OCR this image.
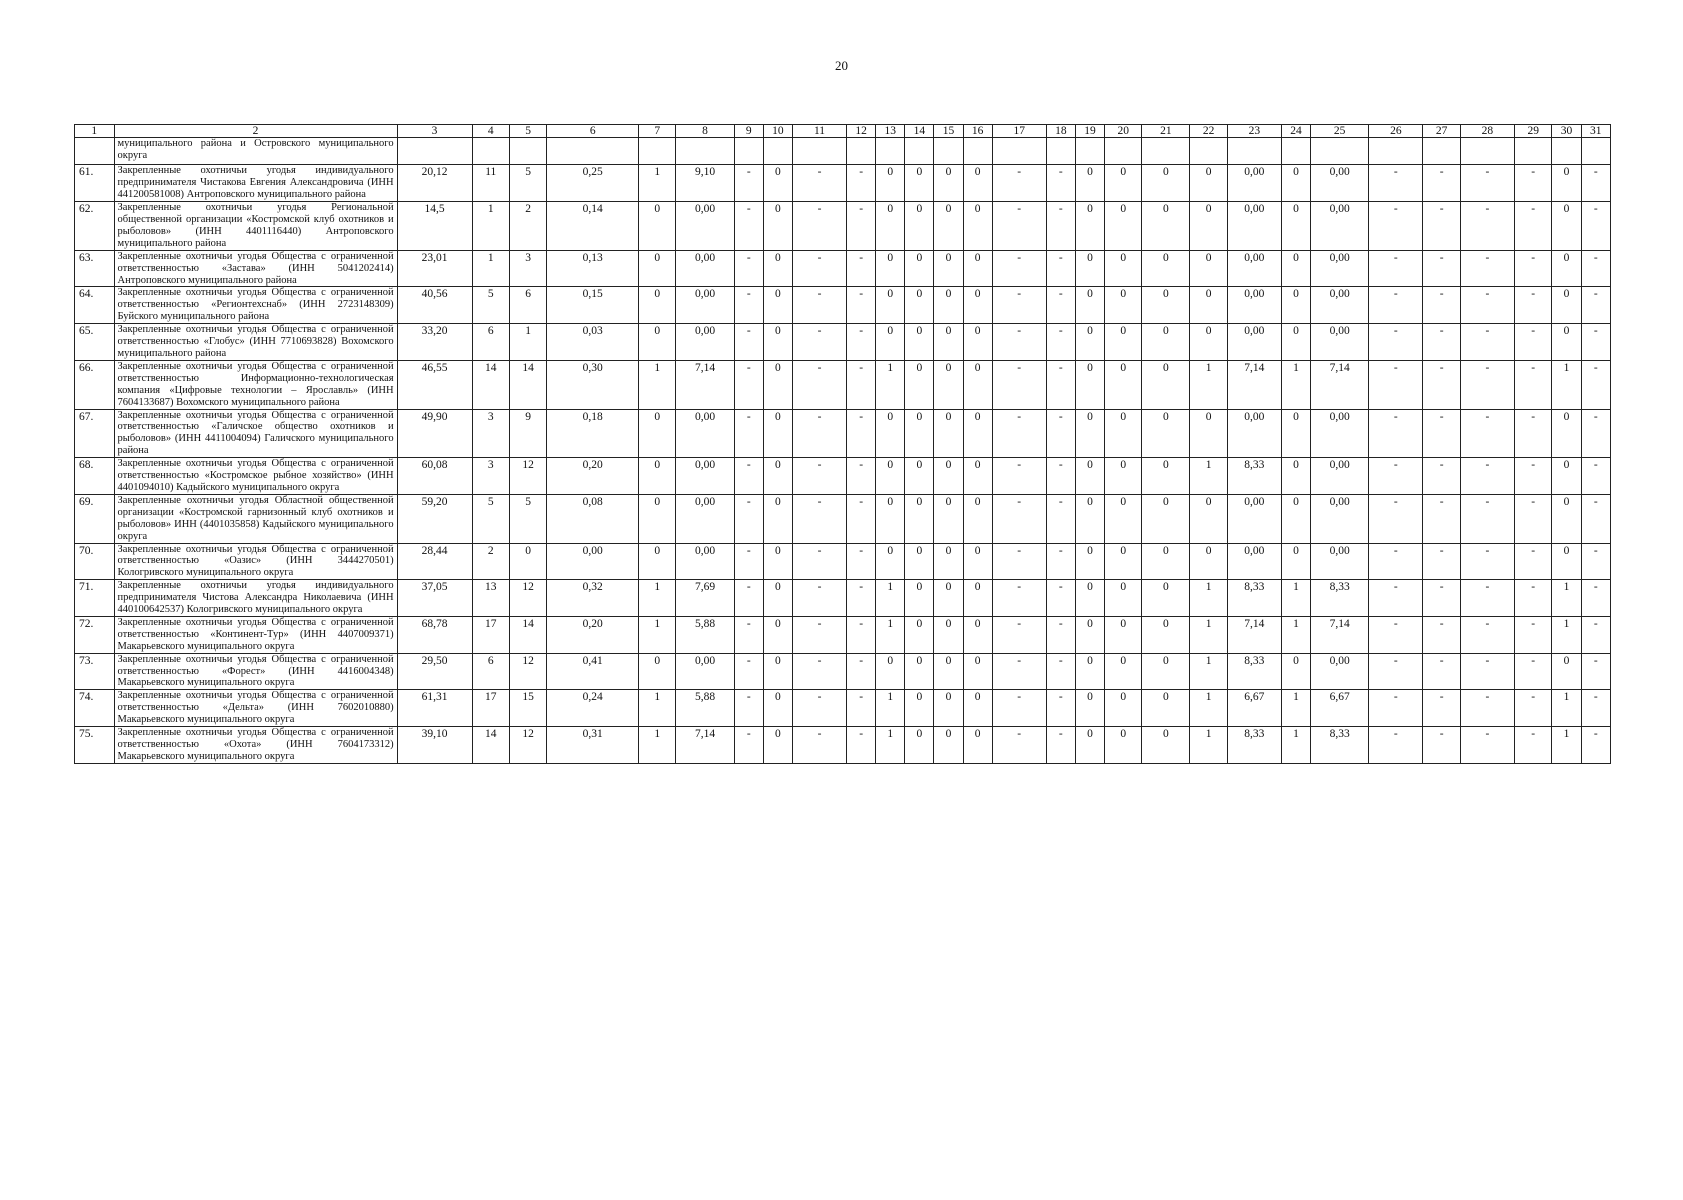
20
1	2	3	4	5	6	7	8	9	10	11	12	13	14	15	16	17	18	19	20	21	22	23	24	25	26	27	28	29	30	31
	муниципального района и Островского муниципального округа																													
61.	Закрепленные охотничьи угодья индивидуального предпринимателя Чистакова Евгения Александровича (ИНН 441200581008) Антроповского муниципального района	20,12	11	5	0,25	1	9,10	-	0	-	-	0	0	0	0	-	-	0	0	0	0	0,00	0	0,00	-	-	-	-	0	-
62.	Закрепленные охотничьи угодья Региональной общественной организации «Костромской клуб охотников и рыболовов» (ИНН 4401116440) Антроповского муниципального района	14,5	1	2	0,14	0	0,00	-	0	-	-	0	0	0	0	-	-	0	0	0	0	0,00	0	0,00	-	-	-	-	0	-
63.	Закрепленные охотничьи угодья Общества с ограниченной ответственностью «Застава» (ИНН 5041202414) Антроповского муниципального района	23,01	1	3	0,13	0	0,00	-	0	-	-	0	0	0	0	-	-	0	0	0	0	0,00	0	0,00	-	-	-	-	0	-
64.	Закрепленные охотничьи угодья Общества с ограниченной ответственностью «Регионтехснаб» (ИНН 2723148309) Буйского муниципального района	40,56	5	6	0,15	0	0,00	-	0	-	-	0	0	0	0	-	-	0	0	0	0	0,00	0	0,00	-	-	-	-	0	-
65.	Закрепленные охотничьи угодья Общества с ограниченной ответственностью «Глобус» (ИНН 7710693828) Вохомского муниципального района	33,20	6	1	0,03	0	0,00	-	0	-	-	0	0	0	0	-	-	0	0	0	0	0,00	0	0,00	-	-	-	-	0	-
66.	Закрепленные охотничьи угодья Общества с ограниченной ответственностью Информационно-технологическая компания «Цифровые технологии – Ярославль» (ИНН 7604133687) Вохомского муниципального района	46,55	14	14	0,30	1	7,14	-	0	-	-	1	0	0	0	-	-	0	0	0	1	7,14	1	7,14	-	-	-	-	1	-
67.	Закрепленные охотничьи угодья Общества с ограниченной ответственностью «Галичское общество охотников и рыболовов» (ИНН 4411004094) Галичского муниципального района	49,90	3	9	0,18	0	0,00	-	0	-	-	0	0	0	0	-	-	0	0	0	0	0,00	0	0,00	-	-	-	-	0	-
68.	Закрепленные охотничьи угодья Общества с ограниченной ответственностью «Костромское рыбное хозяйство» (ИНН 4401094010) Кадыйского муниципального округа	60,08	3	12	0,20	0	0,00	-	0	-	-	0	0	0	0	-	-	0	0	0	1	8,33	0	0,00	-	-	-	-	0	-
69.	Закрепленные охотничьи угодья Областной общественной организации «Костромской гарнизонный клуб охотников и рыболовов» ИНН (4401035858) Кадыйского муниципального округа	59,20	5	5	0,08	0	0,00	-	0	-	-	0	0	0	0	-	-	0	0	0	0	0,00	0	0,00	-	-	-	-	0	-
70.	Закрепленные охотничьи угодья Общества с ограниченной ответственностью «Оазис» (ИНН 3444270501) Кологривского муниципального округа	28,44	2	0	0,00	0	0,00	-	0	-	-	0	0	0	0	-	-	0	0	0	0	0,00	0	0,00	-	-	-	-	0	-
71.	Закрепленные охотничьи угодья индивидуального предпринимателя Чистова Александра Николаевича (ИНН 440100642537) Кологривского муниципального округа	37,05	13	12	0,32	1	7,69	-	0	-	-	1	0	0	0	-	-	0	0	0	1	8,33	1	8,33	-	-	-	-	1	-
72.	Закрепленные охотничьи угодья Общества с ограниченной ответственностью «Континент-Тур» (ИНН 4407009371) Макарьевского муниципального округа	68,78	17	14	0,20	1	5,88	-	0	-	-	1	0	0	0	-	-	0	0	0	1	7,14	1	7,14	-	-	-	-	1	-
73.	Закрепленные охотничьи угодья Общества с ограниченной ответственностью «Форест» (ИНН 4416004348) Макарьевского муниципального округа	29,50	6	12	0,41	0	0,00	-	0	-	-	0	0	0	0	-	-	0	0	0	1	8,33	0	0,00	-	-	-	-	0	-
74.	Закрепленные охотничьи угодья Общества с ограниченной ответственностью «Дельта» (ИНН 7602010880) Макарьевского муниципального округа	61,31	17	15	0,24	1	5,88	-	0	-	-	1	0	0	0	-	-	0	0	0	1	6,67	1	6,67	-	-	-	-	1	-
75.	Закрепленные охотничьи угодья Общества с ограниченной ответственностью «Охота» (ИНН 7604173312) Макарьевского муниципального округа	39,10	14	12	0,31	1	7,14	-	0	-	-	1	0	0	0	-	-	0	0	0	1	8,33	1	8,33	-	-	-	-	1	-
